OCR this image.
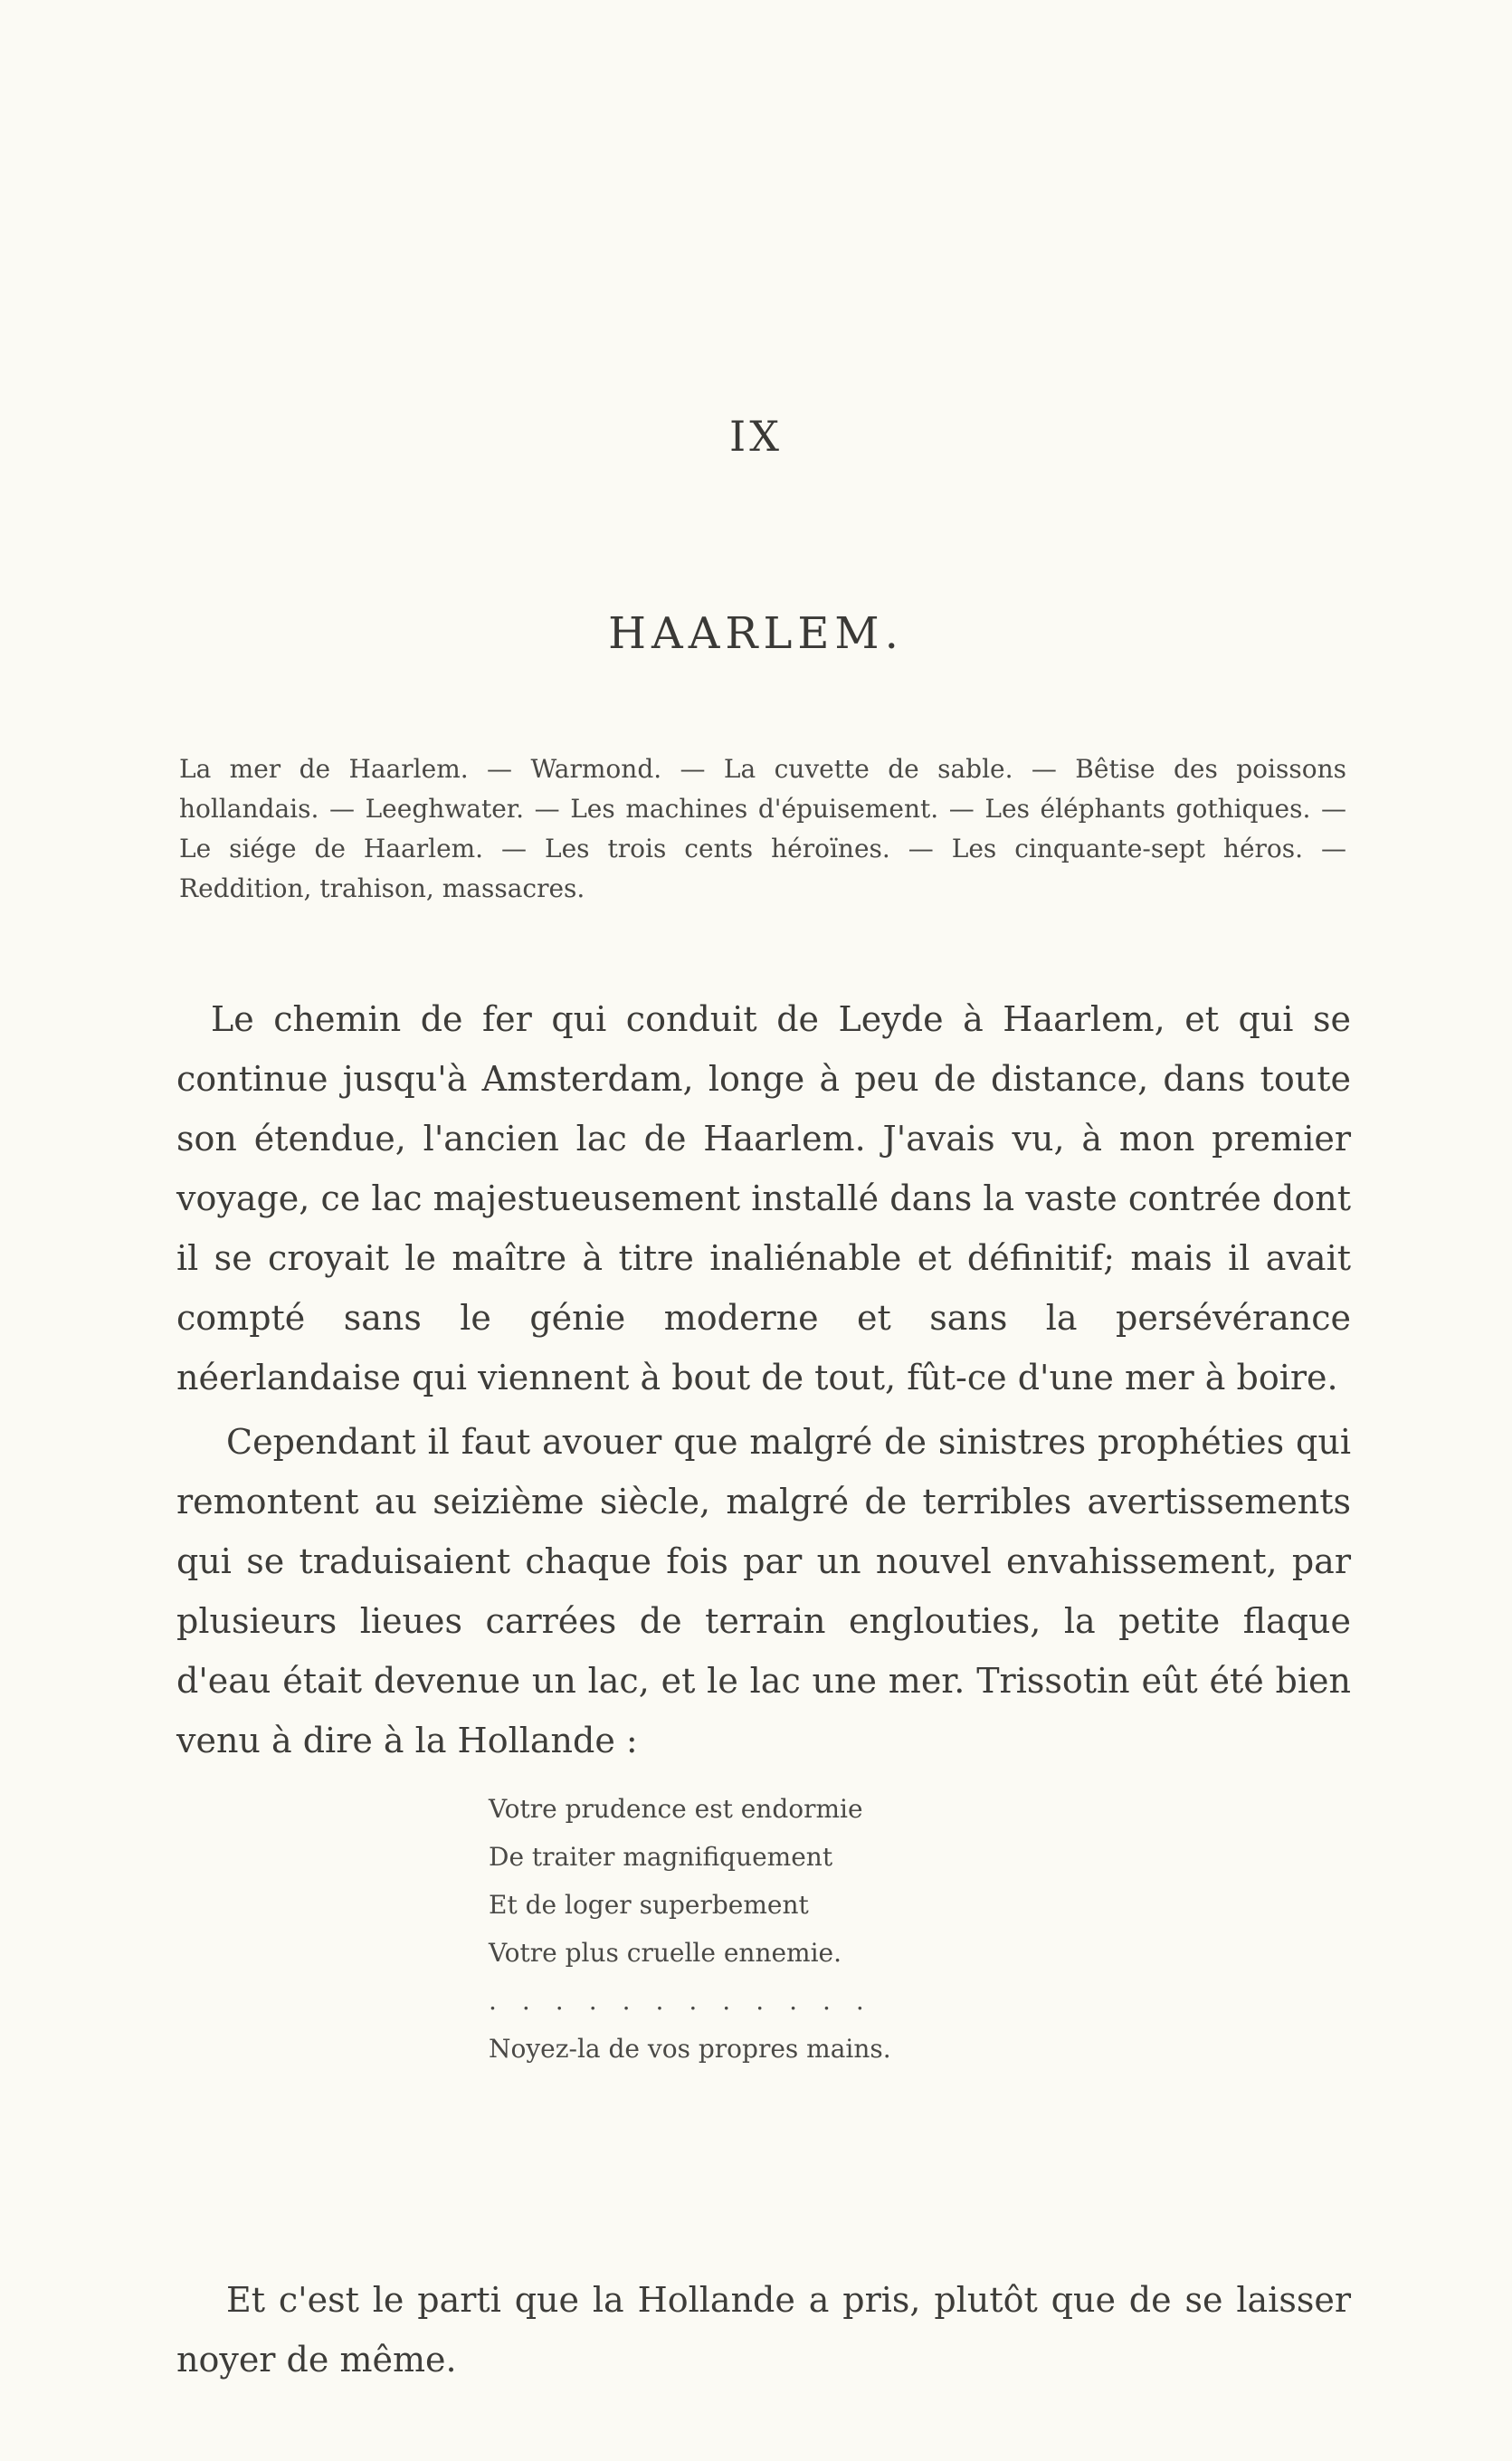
IX
HAARLEM.
La mer de Haarlem. — Warmond. — La cuvette de sable. — Bêtise des poissons hollandais. — Leeghwater. — Les machines d'épuisement. — Les éléphants gothiques. — Le siége de Haarlem. — Les trois cents héroïnes. — Les cinquante-sept héros. — Reddition, trahison, massacres.

Le chemin de fer qui conduit de Leyde à Haarlem, et qui se continue jusqu'à Amsterdam, longe à peu de distance, dans toute son étendue, l'ancien lac de Haarlem. J'avais vu, à mon premier voyage, ce lac majestueusement installé dans la vaste contrée dont il se croyait le maître à titre inaliénable et définitif; mais il avait compté sans le génie moderne et sans la persévérance néerlandaise qui viennent à bout de tout, fût-ce d'une mer à boire.

Cependant il faut avouer que malgré de sinistres prophéties qui remontent au seizième siècle, malgré de terribles avertissements qui se traduisaient chaque fois par un nouvel envahissement, par plusieurs lieues carrées de terrain englouties, la petite flaque d'eau était devenue un lac, et le lac une mer. Trissotin eût été bien venu à dire à la Hollande :

Votre prudence est endormie
De traiter magnifiquement
Et de loger superbement
Votre plus cruelle ennemie.
............
Noyez-la de vos propres mains.

Et c'est le parti que la Hollande a pris, plutôt que de se laisser noyer de même.
